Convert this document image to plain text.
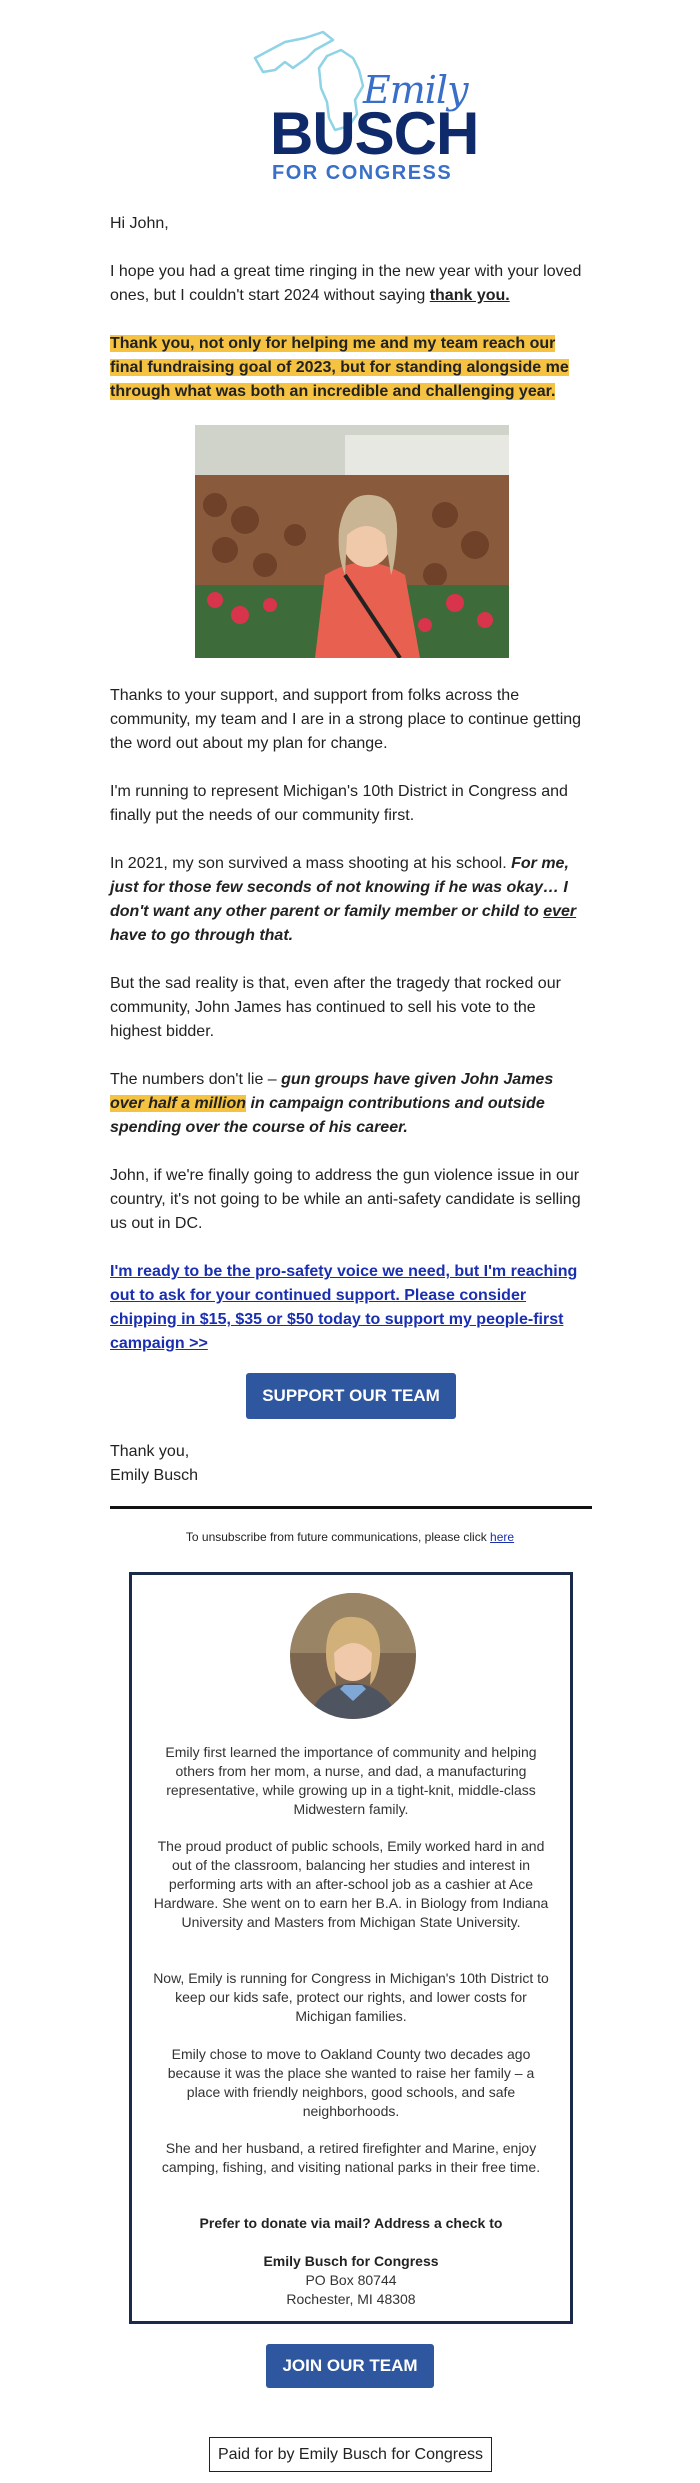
Emily
BUSCH
FOR CONGRESS
Hi John,
I hope you had a great time ringing in the new year with your loved ones, but I couldn't start 2024 without saying thank you.
Thank you, not only for helping me and my team reach our final fundraising goal of 2023, but for standing alongside me through what was both an incredible and challenging year.
Thanks to your support, and support from folks across the community, my team and I are in a strong place to continue getting the word out about my plan for change.
I'm running to represent Michigan's 10th District in Congress and finally put the needs of our community first.
In 2021, my son survived a mass shooting at his school. For me, just for those few seconds of not knowing if he was okay… I don't want any other parent or family member or child to ever have to go through that.
But the sad reality is that, even after the tragedy that rocked our community, John James has continued to sell his vote to the highest bidder.
The numbers don't lie – gun groups have given John James over half a million in campaign contributions and outside spending over the course of his career.
John, if we're finally going to address the gun violence issue in our country, it's not going to be while an anti-safety candidate is selling us out in DC.
I'm ready to be the pro-safety voice we need, but I'm reaching out to ask for your continued support. Please consider chipping in $15, $35 or $50 today to support my people-first campaign >>
SUPPORT OUR TEAM
Thank you,
Emily Busch
To unsubscribe from future communications, please click here
Emily first learned the importance of community and helping others from her mom, a nurse, and dad, a manufacturing representative, while growing up in a tight-knit, middle-class Midwestern family.
The proud product of public schools, Emily worked hard in and out of the classroom, balancing her studies and interest in performing arts with an after-school job as a cashier at Ace Hardware. She went on to earn her B.A. in Biology from Indiana University and Masters from Michigan State University.
Now, Emily is running for Congress in Michigan's 10th District to keep our kids safe, protect our rights, and lower costs for Michigan families.
Emily chose to move to Oakland County two decades ago because it was the place she wanted to raise her family – a place with friendly neighbors, good schools, and safe neighborhoods.
She and her husband, a retired firefighter and Marine, enjoy camping, fishing, and visiting national parks in their free time.
Prefer to donate via mail? Address a check to
Emily Busch for Congress
PO Box 80744
Rochester, MI 48308
JOIN OUR TEAM
Paid for by Emily Busch for Congress
